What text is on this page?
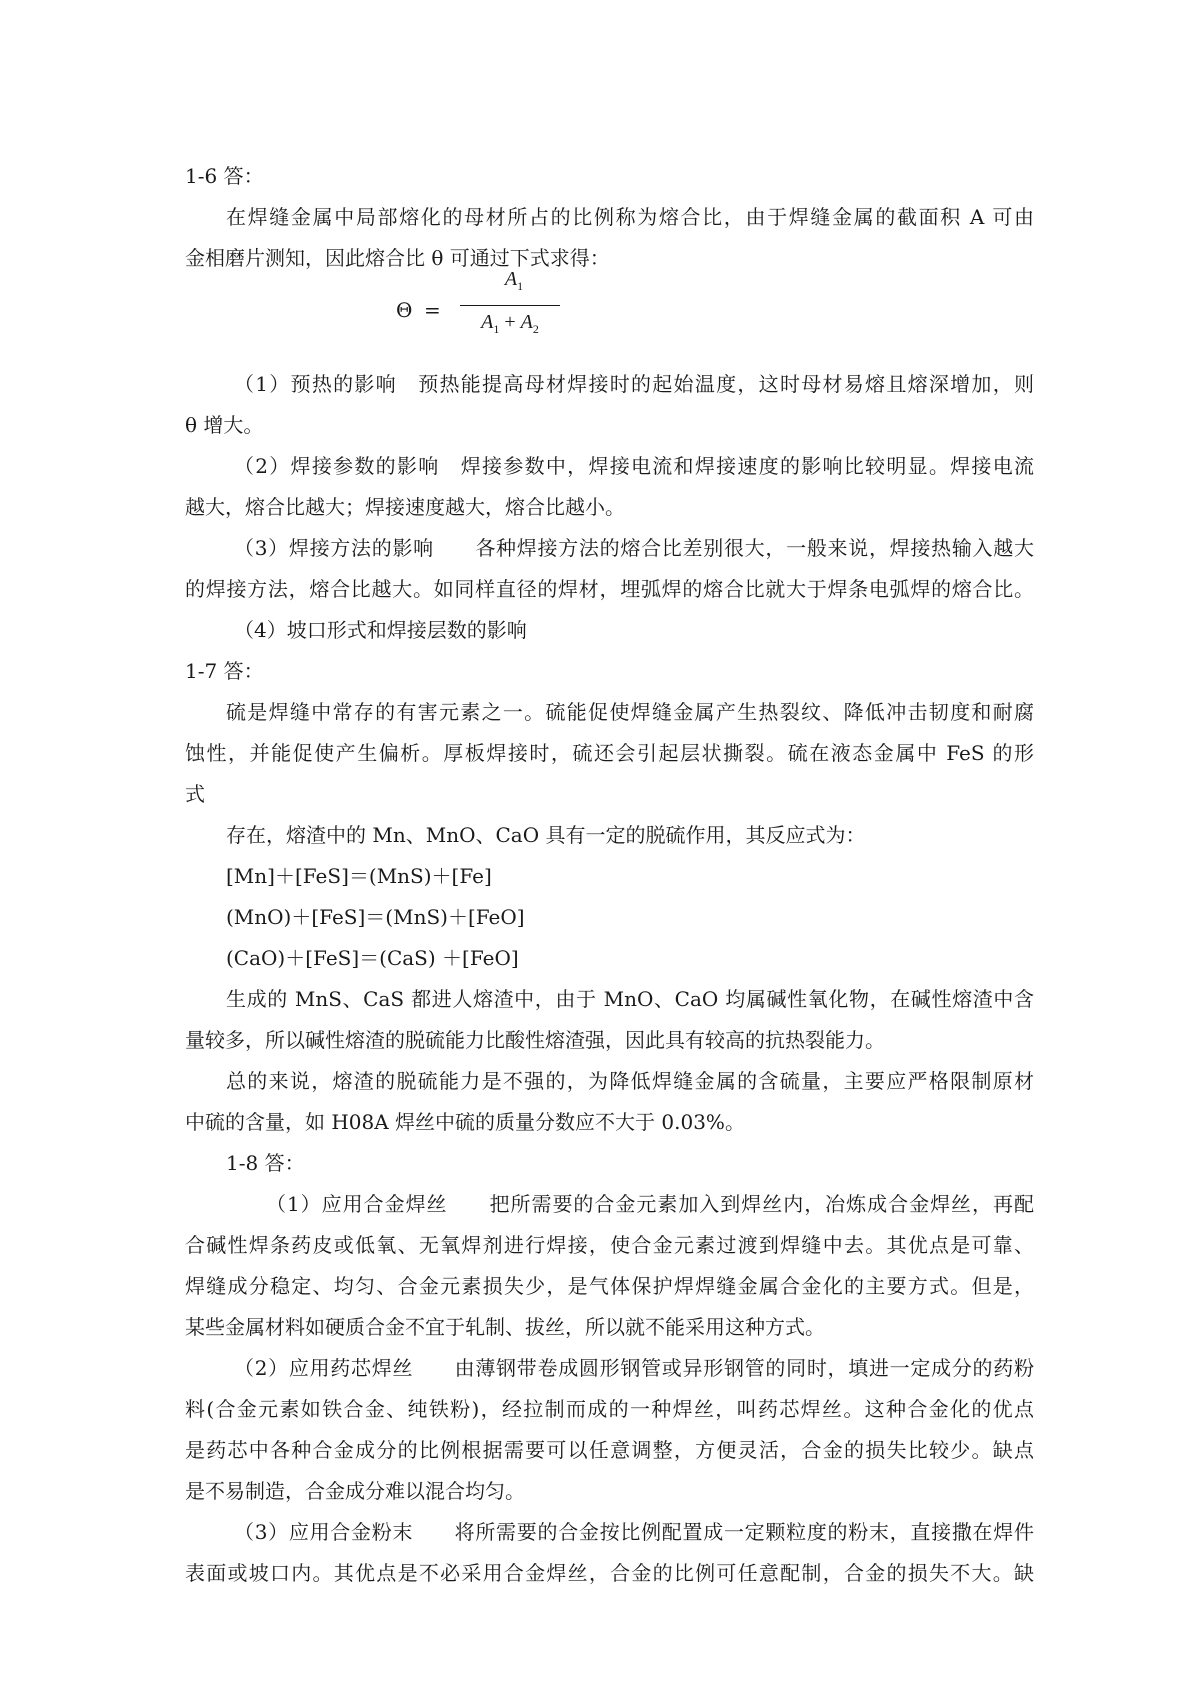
1-6 答：
在焊缝金属中局部熔化的母材所占的比例称为熔合比，由于焊缝金属的截面积 A 可由
金相磨片测知，因此熔合比 θ 可通过下式求得：
Θ =
$A_1$
$A_1 + A_2$
（1）预热的影响　预热能提高母材焊接时的起始温度，这时母材易熔且熔深增加，则
θ 增大。
（2）焊接参数的影响　焊接参数中，焊接电流和焊接速度的影响比较明显。焊接电流
越大，熔合比越大；焊接速度越大，熔合比越小。
（3）焊接方法的影响　　各种焊接方法的熔合比差别很大，一般来说，焊接热输入越大
的焊接方法，熔合比越大。如同样直径的焊材，埋弧焊的熔合比就大于焊条电弧焊的熔合比。
（4）坡口形式和焊接层数的影响
1-7 答：
硫是焊缝中常存的有害元素之一。硫能促使焊缝金属产生热裂纹、降低冲击韧度和耐腐
蚀性，并能促使产生偏析。厚板焊接时，硫还会引起层状撕裂。硫在液态金属中 FeS 的形
式
存在，熔渣中的 Mn、MnO、CaO 具有一定的脱硫作用，其反应式为：
[Mn]＋[FeS]＝(MnS)＋[Fe]
(MnO)＋[FeS]＝(MnS)＋[FeO]
(CaO)＋[FeS]＝(CaS) ＋[FeO]
生成的 MnS、CaS 都进人熔渣中，由于 MnO、CaO 均属碱性氧化物，在碱性熔渣中含
量较多，所以碱性熔渣的脱硫能力比酸性熔渣强，因此具有较高的抗热裂能力。
总的来说，熔渣的脱硫能力是不强的，为降低焊缝金属的含硫量，主要应严格限制原材
中硫的含量，如 H08A 焊丝中硫的质量分数应不大于 0.03%。
1-8 答：
（1）应用合金焊丝　　把所需要的合金元素加入到焊丝内，冶炼成合金焊丝，再配
合碱性焊条药皮或低氧、无氧焊剂进行焊接，使合金元素过渡到焊缝中去。其优点是可靠、
焊缝成分稳定、均匀、合金元素损失少，是气体保护焊焊缝金属合金化的主要方式。但是，
某些金属材料如硬质合金不宜于轧制、拔丝，所以就不能采用这种方式。
（2）应用药芯焊丝　　由薄钢带卷成圆形钢管或异形钢管的同时，填进一定成分的药粉
料(合金元素如铁合金、纯铁粉)，经拉制而成的一种焊丝，叫药芯焊丝。这种合金化的优点
是药芯中各种合金成分的比例根据需要可以任意调整，方便灵活，合金的损失比较少。缺点
是不易制造，合金成分难以混合均匀。
（3）应用合金粉末　　将所需要的合金按比例配置成一定颗粒度的粉末，直接撒在焊件
表面或坡口内。其优点是不必采用合金焊丝，合金的比例可任意配制，合金的损失不大。缺
